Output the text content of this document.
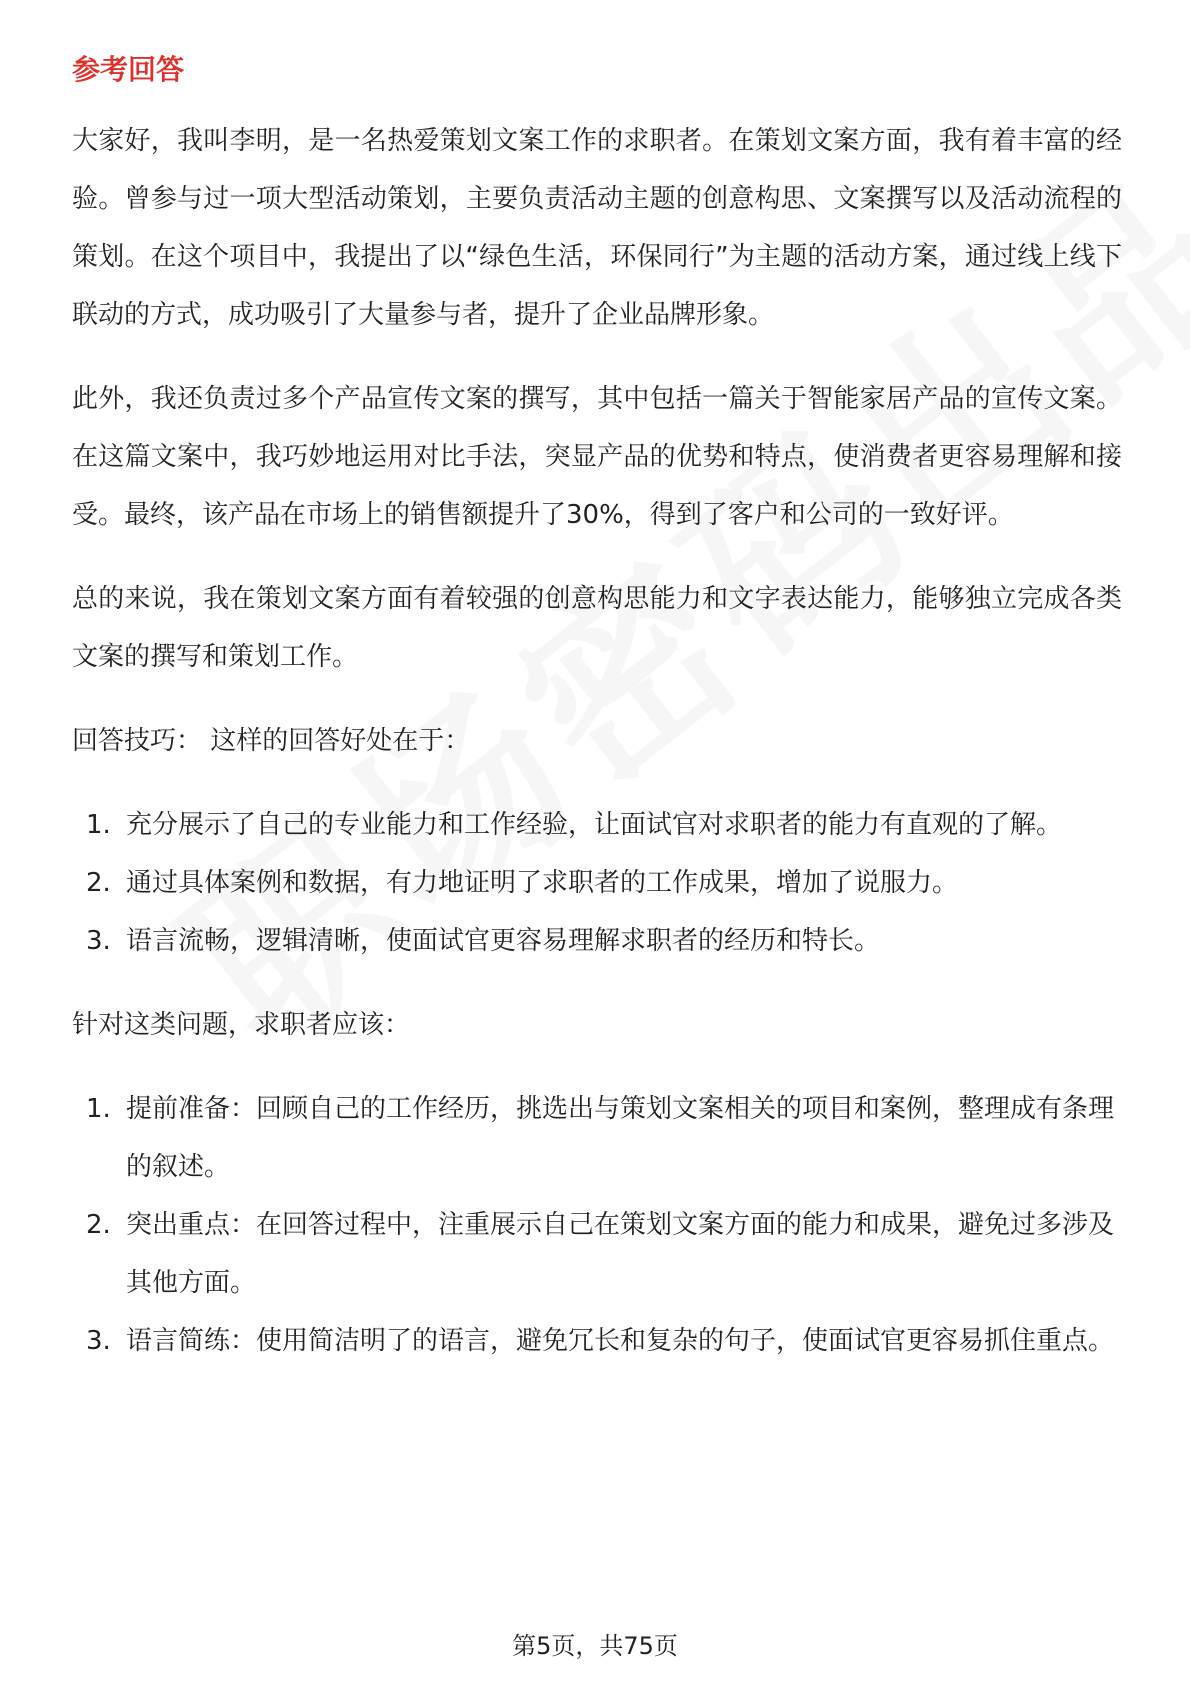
参考回答

大家好，我叫李明，是一名热爱策划文案工作的求职者。在策划文案方面，我有着丰富的经验。曾参与过一项大型活动策划，主要负责活动主题的创意构思、文案撰写以及活动流程的策划。在这个项目中，我提出了以“绿色生活，环保同行”为主题的活动方案，通过线上线下联动的方式，成功吸引了大量参与者，提升了企业品牌形象。

此外，我还负责过多个产品宣传文案的撰写，其中包括一篇关于智能家居产品的宣传文案。在这篇文案中，我巧妙地运用对比手法，突显产品的优势和特点，使消费者更容易理解和接受。最终，该产品在市场上的销售额提升了30%，得到了客户和公司的一致好评。

总的来说，我在策划文案方面有着较强的创意构思能力和文字表达能力，能够独立完成各类文案的撰写和策划工作。

回答技巧： 这样的回答好处在于：

1. 充分展示了自己的专业能力和工作经验，让面试官对求职者的能力有直观的了解。
2. 通过具体案例和数据，有力地证明了求职者的工作成果，增加了说服力。
3. 语言流畅，逻辑清晰，使面试官更容易理解求职者的经历和特长。

针对这类问题，求职者应该：

1. 提前准备：回顾自己的工作经历，挑选出与策划文案相关的项目和案例，整理成有条理的叙述。
2. 突出重点：在回答过程中，注重展示自己在策划文案方面的能力和成果，避免过多涉及其他方面。
3. 语言简练：使用简洁明了的语言，避免冗长和复杂的句子，使面试官更容易抓住重点。
第5页，共75页
